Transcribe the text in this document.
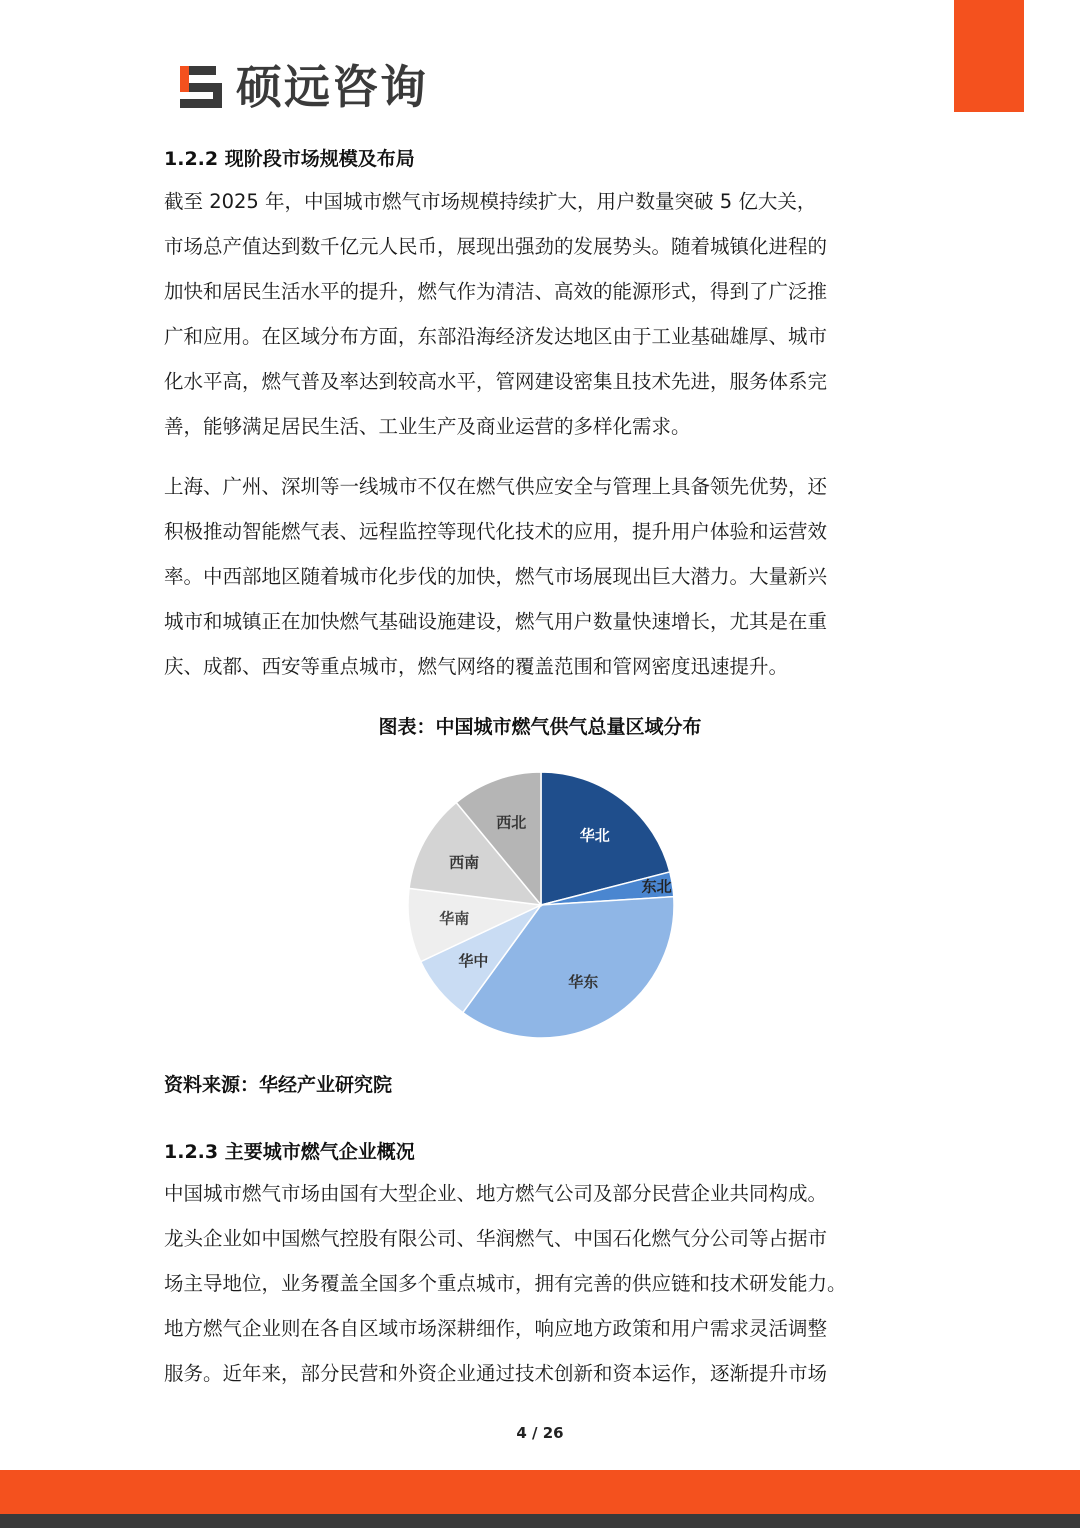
硕远咨询
1.2.2 现阶段市场规模及布局
截至 2025 年，中国城市燃气市场规模持续扩大，用户数量突破 5 亿大关，
市场总产值达到数千亿元人民币，展现出强劲的发展势头。随着城镇化进程的
加快和居民生活水平的提升，燃气作为清洁、高效的能源形式，得到了广泛推
广和应用。在区域分布方面，东部沿海经济发达地区由于工业基础雄厚、城市
化水平高，燃气普及率达到较高水平，管网建设密集且技术先进，服务体系完
善，能够满足居民生活、工业生产及商业运营的多样化需求。
上海、广州、深圳等一线城市不仅在燃气供应安全与管理上具备领先优势，还
积极推动智能燃气表、远程监控等现代化技术的应用，提升用户体验和运营效
率。中西部地区随着城市化步伐的加快，燃气市场展现出巨大潜力。大量新兴
城市和城镇正在加快燃气基础设施建设，燃气用户数量快速增长，尤其是在重
庆、成都、西安等重点城市，燃气网络的覆盖范围和管网密度迅速提升。
图表：中国城市燃气供气总量区域分布
华北
东北
华东
华中
华南
西南
西北
资料来源：华经产业研究院
1.2.3 主要城市燃气企业概况
中国城市燃气市场由国有大型企业、地方燃气公司及部分民营企业共同构成。
龙头企业如中国燃气控股有限公司、华润燃气、中国石化燃气分公司等占据市
场主导地位，业务覆盖全国多个重点城市，拥有完善的供应链和技术研发能力。
地方燃气企业则在各自区域市场深耕细作，响应地方政策和用户需求灵活调整
服务。近年来，部分民营和外资企业通过技术创新和资本运作，逐渐提升市场
4 / 26
